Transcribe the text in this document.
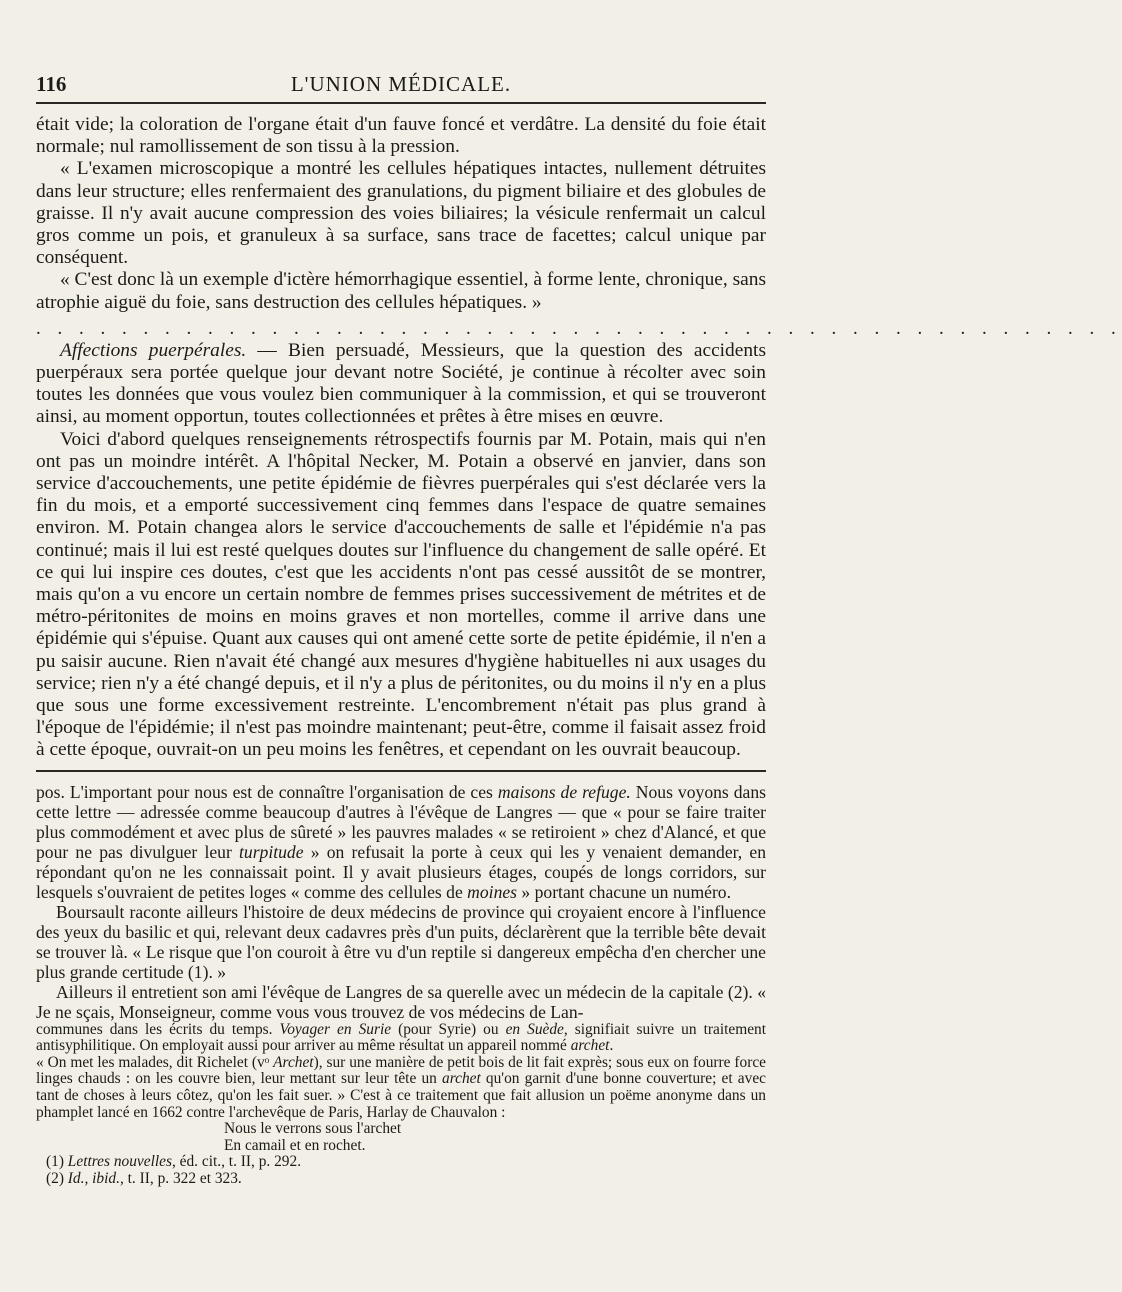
116	L'UNION MÉDICALE.

était vide; la coloration de l'organe était d'un fauve foncé et verdâtre. La densité du foie était normale; nul ramollissement de son tissu à la pression.

« L'examen microscopique a montré les cellules hépatiques intactes, nullement détruites dans leur structure; elles renfermaient des granulations, du pigment biliaire et des globules de graisse. Il n'y avait aucune compression des voies biliaires; la vésicule renfermait un calcul gros comme un pois, et granuleux à sa surface, sans trace de facettes; calcul unique par conséquent.

« C'est donc là un exemple d'ictère hémorrhagique essentiel, à forme lente, chronique, sans atrophie aiguë du foie, sans destruction des cellules hépatiques. »

. . . . . . . . . . . . . . . . . . . . . . . . . . . . . . . . . . . . . . . . . . . . . . . . . . .

Affections puerpérales. — Bien persuadé, Messieurs, que la question des accidents puerpéraux sera portée quelque jour devant notre Société, je continue à récolter avec soin toutes les données que vous voulez bien communiquer à la commission, et qui se trouveront ainsi, au moment opportun, toutes collectionnées et prêtes à être mises en œuvre.

Voici d'abord quelques renseignements rétrospectifs fournis par M. Potain, mais qui n'en ont pas un moindre intérêt. A l'hôpital Necker, M. Potain a observé en janvier, dans son service d'accouchements, une petite épidémie de fièvres puerpérales qui s'est déclarée vers la fin du mois, et a emporté successivement cinq femmes dans l'espace de quatre semaines environ. M. Potain changea alors le service d'accouchements de salle et l'épidémie n'a pas continué; mais il lui est resté quelques doutes sur l'influence du changement de salle opéré. Et ce qui lui inspire ces doutes, c'est que les accidents n'ont pas cessé aussitôt de se montrer, mais qu'on a vu encore un certain nombre de femmes prises successivement de métrites et de métro-péritonites de moins en moins graves et non mortelles, comme il arrive dans une épidémie qui s'épuise. Quant aux causes qui ont amené cette sorte de petite épidémie, il n'en a pu saisir aucune. Rien n'avait été changé aux mesures d'hygiène habituelles ni aux usages du service; rien n'y a été changé depuis, et il n'y a plus de péritonites, ou du moins il n'y en a plus que sous une forme excessivement restreinte. L'encombrement n'était pas plus grand à l'époque de l'épidémie; il n'est pas moindre maintenant; peut-être, comme il faisait assez froid à cette époque, ouvrait-on un peu moins les fenêtres, et cependant on les ouvrait beaucoup.

pos. L'important pour nous est de connaître l'organisation de ces maisons de refuge. Nous voyons dans cette lettre — adressée comme beaucoup d'autres à l'évêque de Langres — que « pour se faire traiter plus commodément et avec plus de sûreté » les pauvres malades « se retiroient » chez d'Alancé, et que pour ne pas divulguer leur turpitude » on refusait la porte à ceux qui les y venaient demander, en répondant qu'on ne les connaissait point. Il y avait plusieurs étages, coupés de longs corridors, sur lesquels s'ouvraient de petites loges « comme des cellules de moines » portant chacune un numéro.

Boursault raconte ailleurs l'histoire de deux médecins de province qui croyaient encore à l'influence des yeux du basilic et qui, relevant deux cadavres près d'un puits, déclarèrent que la terrible bête devait se trouver là. « Le risque que l'on couroit à être vu d'un reptile si dangereux empêcha d'en chercher une plus grande certitude (1). »

Ailleurs il entretient son ami l'évêque de Langres de sa querelle avec un médecin de la capitale (2). « Je ne sçais, Monseigneur, comme vous vous trouvez de vos médecins de Lan-

communes dans les écrits du temps. Voyager en Surie (pour Syrie) ou en Suède, signifiait suivre un traitement antisyphilitique. On employait aussi pour arriver au même résultat un appareil nommé archet.

« On met les malades, dit Richelet (vᵒ Archet), sur une manière de petit bois de lit fait exprès; sous eux on fourre force linges chauds : on les couvre bien, leur mettant sur leur tête un archet qu'on garnit d'une bonne couverture; et avec tant de choses à leurs côtez, qu'on les fait suer. » C'est à ce traitement que fait allusion un poëme anonyme dans un phamplet lancé en 1662 contre l'archevêque de Paris, Harlay de Chauvalon :

Nous le verrons sous l'archet
En camail et en rochet.

(1) Lettres nouvelles, éd. cit., t. II, p. 292.

(2) Id., ibid., t. II, p. 322 et 323.
